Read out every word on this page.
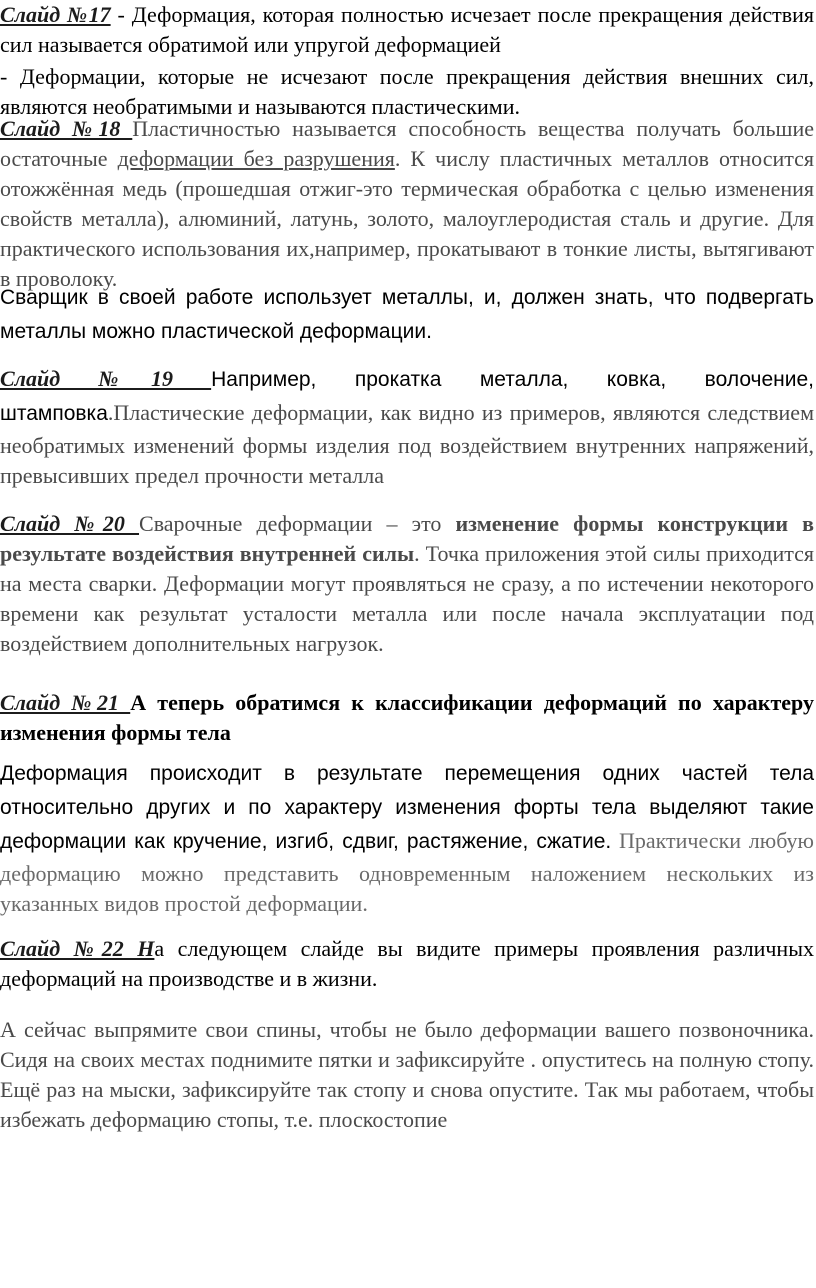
Слайд №17 - Деформация, которая полностью исчезает после прекращения действия сил называется обратимой или упругой деформацией

- Деформации, которые не исчезают после прекращения действия внешних сил, являются необратимыми и называются пластическими.

Слайд №18 Пластичностью называется способность вещества получать большие остаточные деформации без разрушения. К числу пластичных металлов относится отожжённая медь (прошедшая отжиг-это термическая обработка с целью изменения свойств металла), алюминий, латунь, золото, малоуглеродистая сталь и другие. Для практического использования их,например, прокатывают в тонкие листы, вытягивают в проволоку.

Сварщик в своей работе использует металлы, и, должен знать, что подвергать металлы можно пластической деформации.

Слайд №19 Например, прокатка металла, ковка, волочение, штамповка.Пластические деформации, как видно из примеров, являются следствием необратимых изменений формы изделия под воздействием внутренних напряжений, превысивших предел прочности металла

Слайд №20 Сварочные деформации – это изменение формы конструкции в результате воздействия внутренней силы. Точка приложения этой силы приходится на места сварки. Деформации могут проявляться не сразу, а по истечении некоторого времени как результат усталости металла или после начала эксплуатации под воздействием дополнительных нагрузок.

Слайд №21 А теперь обратимся к классификации деформаций по характеру изменения формы тела

Деформация происходит в результате перемещения одних частей тела относительно других и по характеру изменения форты тела выделяют такие деформации как кручение, изгиб, сдвиг, растяжение, сжатие. Практически любую деформацию можно представить одновременным наложением нескольких из указанных видов простой деформации.

Слайд №22 На следующем слайде вы видите примеры проявления различных деформаций на производстве и в жизни.

А сейчас выпрямите свои спины, чтобы не было деформации вашего позвоночника. Сидя на своих местах поднимите пятки и зафиксируйте . опуститесь на полную стопу. Ещё раз на мыски, зафиксируйте так стопу и снова опустите. Так мы работаем, чтобы избежать деформацию стопы, т.е. плоскостопие
